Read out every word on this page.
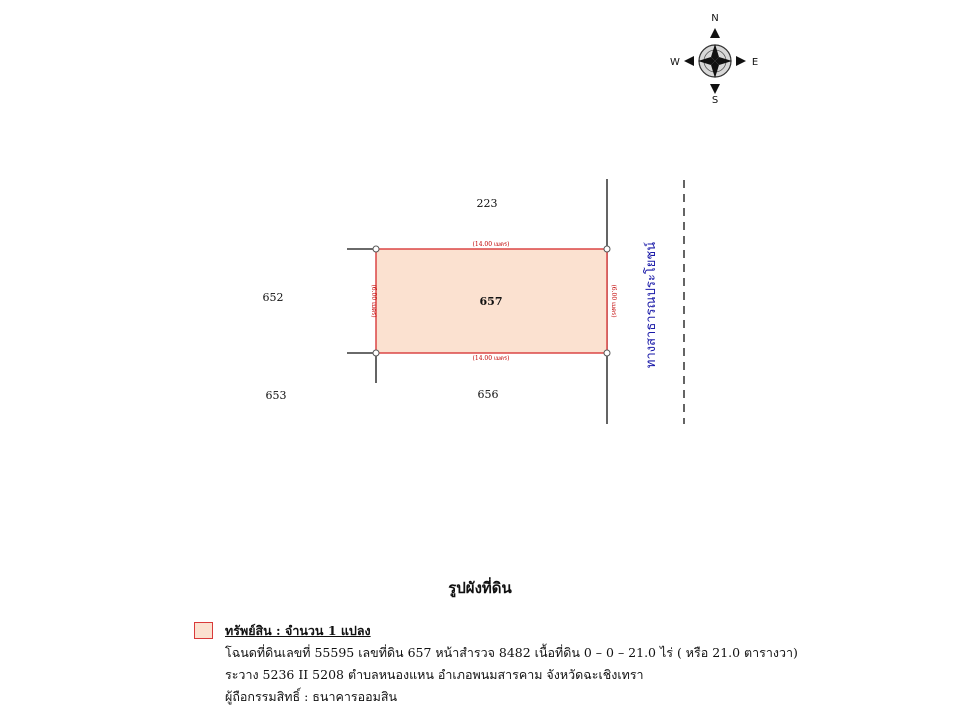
N
S
E
W
(14.00 เมตร)
(14.00 เมตร)
(6.00 เมตร)	(6.00 เมตร)
657
223
652
653	656
ทางสาธารณประโยชน์
รูปผังที่ดิน
ทรัพย์สิน : จำนวน 1 แปลง
โฉนดที่ดินเลขที่ 55595 เลขที่ดิน 657 หน้าสำรวจ 8482 เนื้อที่ดิน 0 – 0 – 21.0 ไร่ ( หรือ 21.0 ตารางวา)
ระวาง 5236 II 5208 ตำบลหนองแหน อำเภอพนมสารคาม จังหวัดฉะเชิงเทรา
ผู้ถือกรรมสิทธิ์ : ธนาคารออมสิน
